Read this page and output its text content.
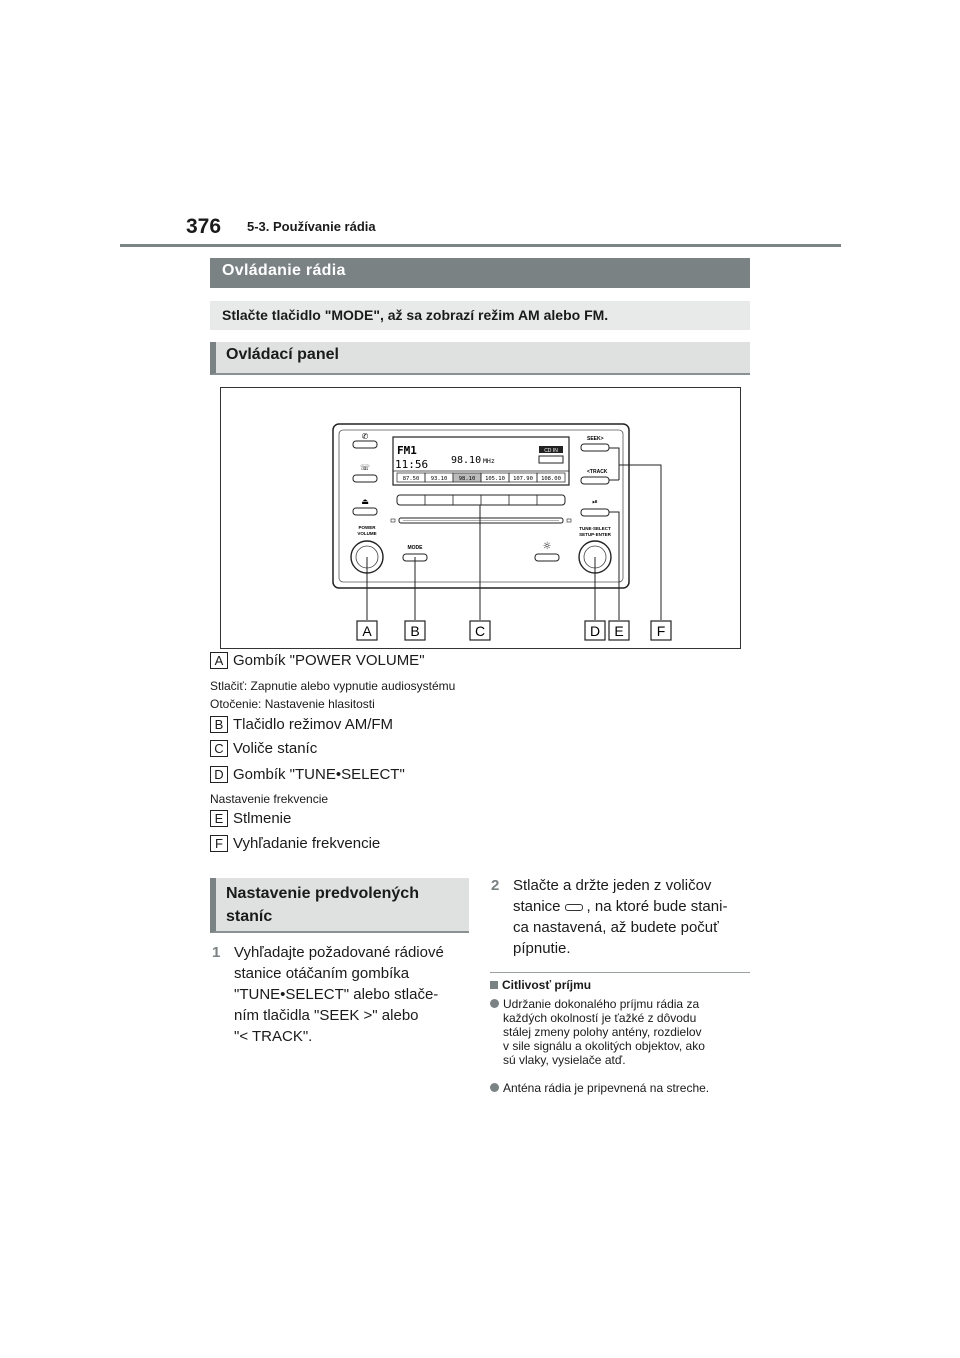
376 5-3. Používanie rádia
Ovládanie rádia
Stlačte tlačidlo "MODE", až sa zobrazí režim AM alebo FM.
Ovládací panel
✆
☏
⏏
POWER
VOLUME
MODE
FM1
11:56 98.10 MHz
CD IN
87.50 93.10 98.10 105.10 107.90 108.00
☼
SEEK>
<TRACK
⏯
TUNE·SELECT
SETUP·ENTER
A	B	C	D E F
A Gombík "POWER VOLUME"
Stlačiť: Zapnutie alebo vypnutie audiosystému
Otočenie: Nastavenie hlasitosti
B Tlačidlo režimov AM/FM
C Voliče staníc
D Gombík "TUNE•SELECT"
Nastavenie frekvencie
E Stlmenie
F Vyhľadanie frekvencie
Nastavenie predvolených
staníc
1 Vyhľadajte požadované rádiové
stanice otáčaním gombíka
"TUNE•SELECT" alebo stlače-
ním tlačidla "SEEK >" alebo
"< TRACK".
2 Stlačte a držte jeden z voličov
stanice , na ktoré bude stani-
ca nastavená, až budete počuť
pípnutie.
Citlivosť príjmu
Udržanie dokonalého príjmu rádia za
každých okolností je ťažké z dôvodu
stálej zmeny polohy antény, rozdielov
v sile signálu a okolitých objektov, ako
sú vlaky, vysielače atď.
Anténa rádia je pripevnená na streche.
